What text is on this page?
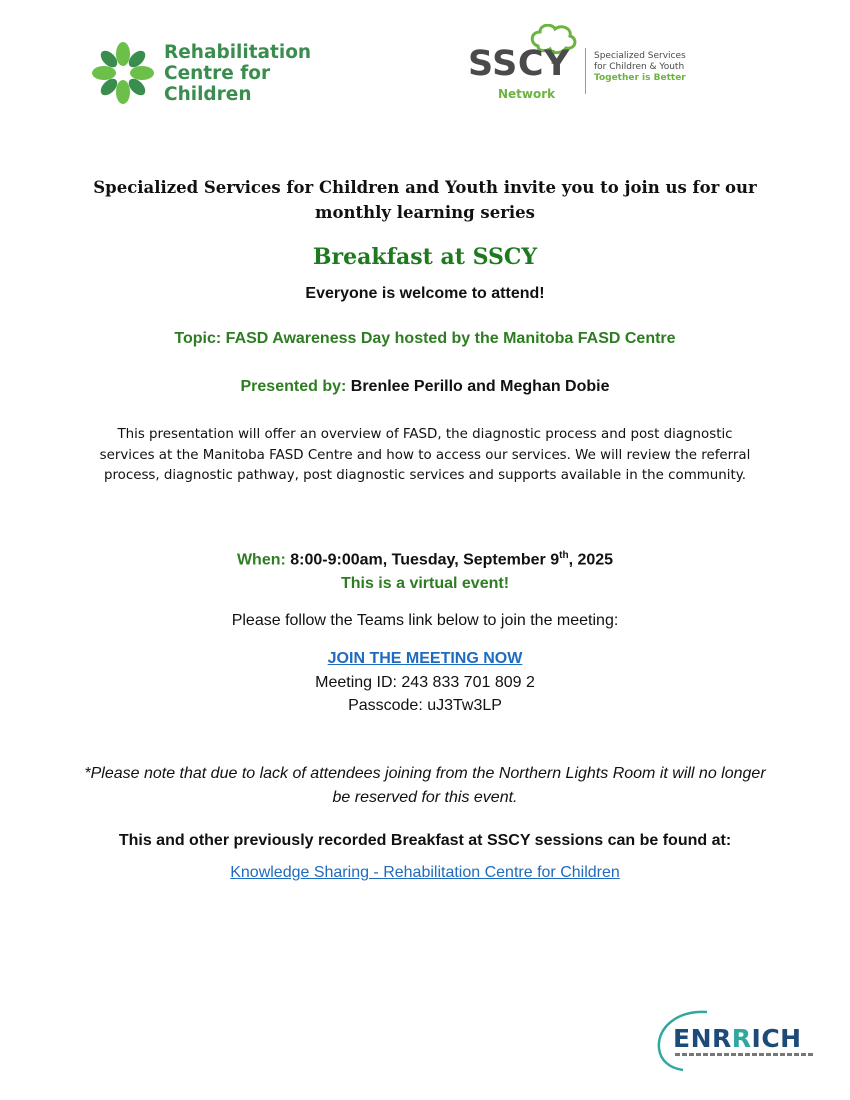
Rehabilitation
Centre for
Children
SSCY
Network
Specialized Services
for Children & Youth
Together is Better
Specialized Services for Children and Youth invite you to join us for our monthly learning series
Breakfast at SSCY
Everyone is welcome to attend!
Topic: FASD Awareness Day hosted by the Manitoba FASD Centre
Presented by: Brenlee Perillo and Meghan Dobie
This presentation will offer an overview of FASD, the diagnostic process and post diagnostic services at the Manitoba FASD Centre and how to access our services. We will review the referral process, diagnostic pathway, post diagnostic services and supports available in the community.
When: 8:00-9:00am, Tuesday, September 9th, 2025
This is a virtual event!
Please follow the Teams link below to join the meeting:
JOIN THE MEETING NOW
Meeting ID: 243 833 701 809 2
Passcode: uJ3Tw3LP
*Please note that due to lack of attendees joining from the Northern Lights Room it will no longer be reserved for this event.
This and other previously recorded Breakfast at SSCY sessions can be found at:
Knowledge Sharing - Rehabilitation Centre for Children
ENRRICH
